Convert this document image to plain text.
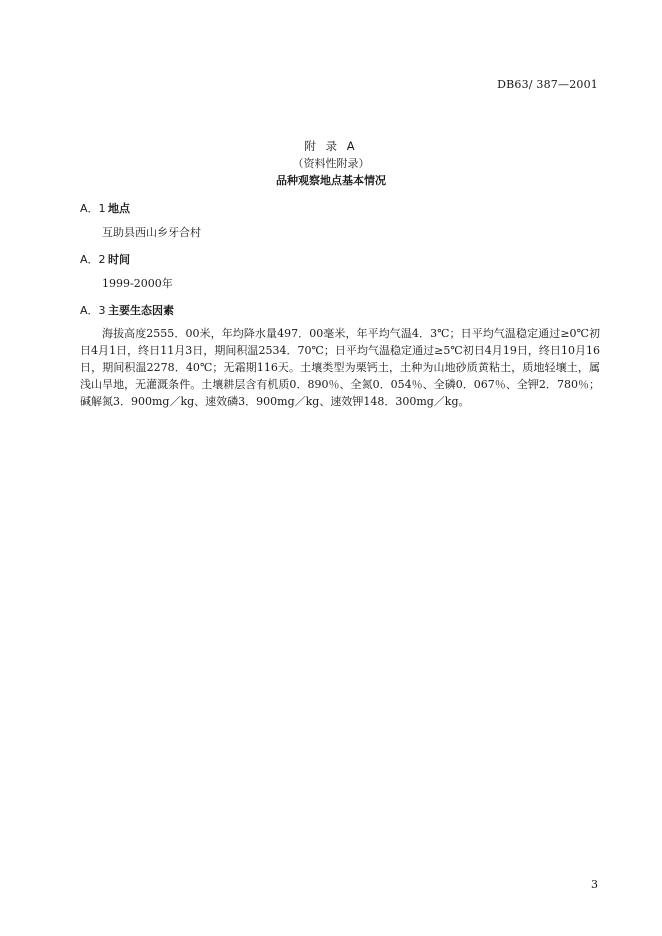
DB63/ 387—2001
附 录 A
（资料性附录）
品种观察地点基本情况
A．1 地点
互助县西山乡牙合村
A．2 时间
1999-2000年
A．3 主要生态因素
海拔高度2555．00米，年均降水量497．00毫米，年平均气温4．3℃；日平均气温稳定通过≥0℃初日4月1日，终日11月3日，期间积温2534．70℃；日平均气温稳定通过≥5℃初日4月19日，终日10月16日，期间积温2278．40℃；无霜期116天。土壤类型为栗钙土，土种为山地砂质黄粘土，质地轻壤土，属浅山旱地，无灌溉条件。土壤耕层含有机质0．890％、全氮0．054％、全磷0．067％、全钾2．780％；碱解氮3．900mg／kg、速效磷3．900mg／kg、速效钾148．300mg／kg。
3
